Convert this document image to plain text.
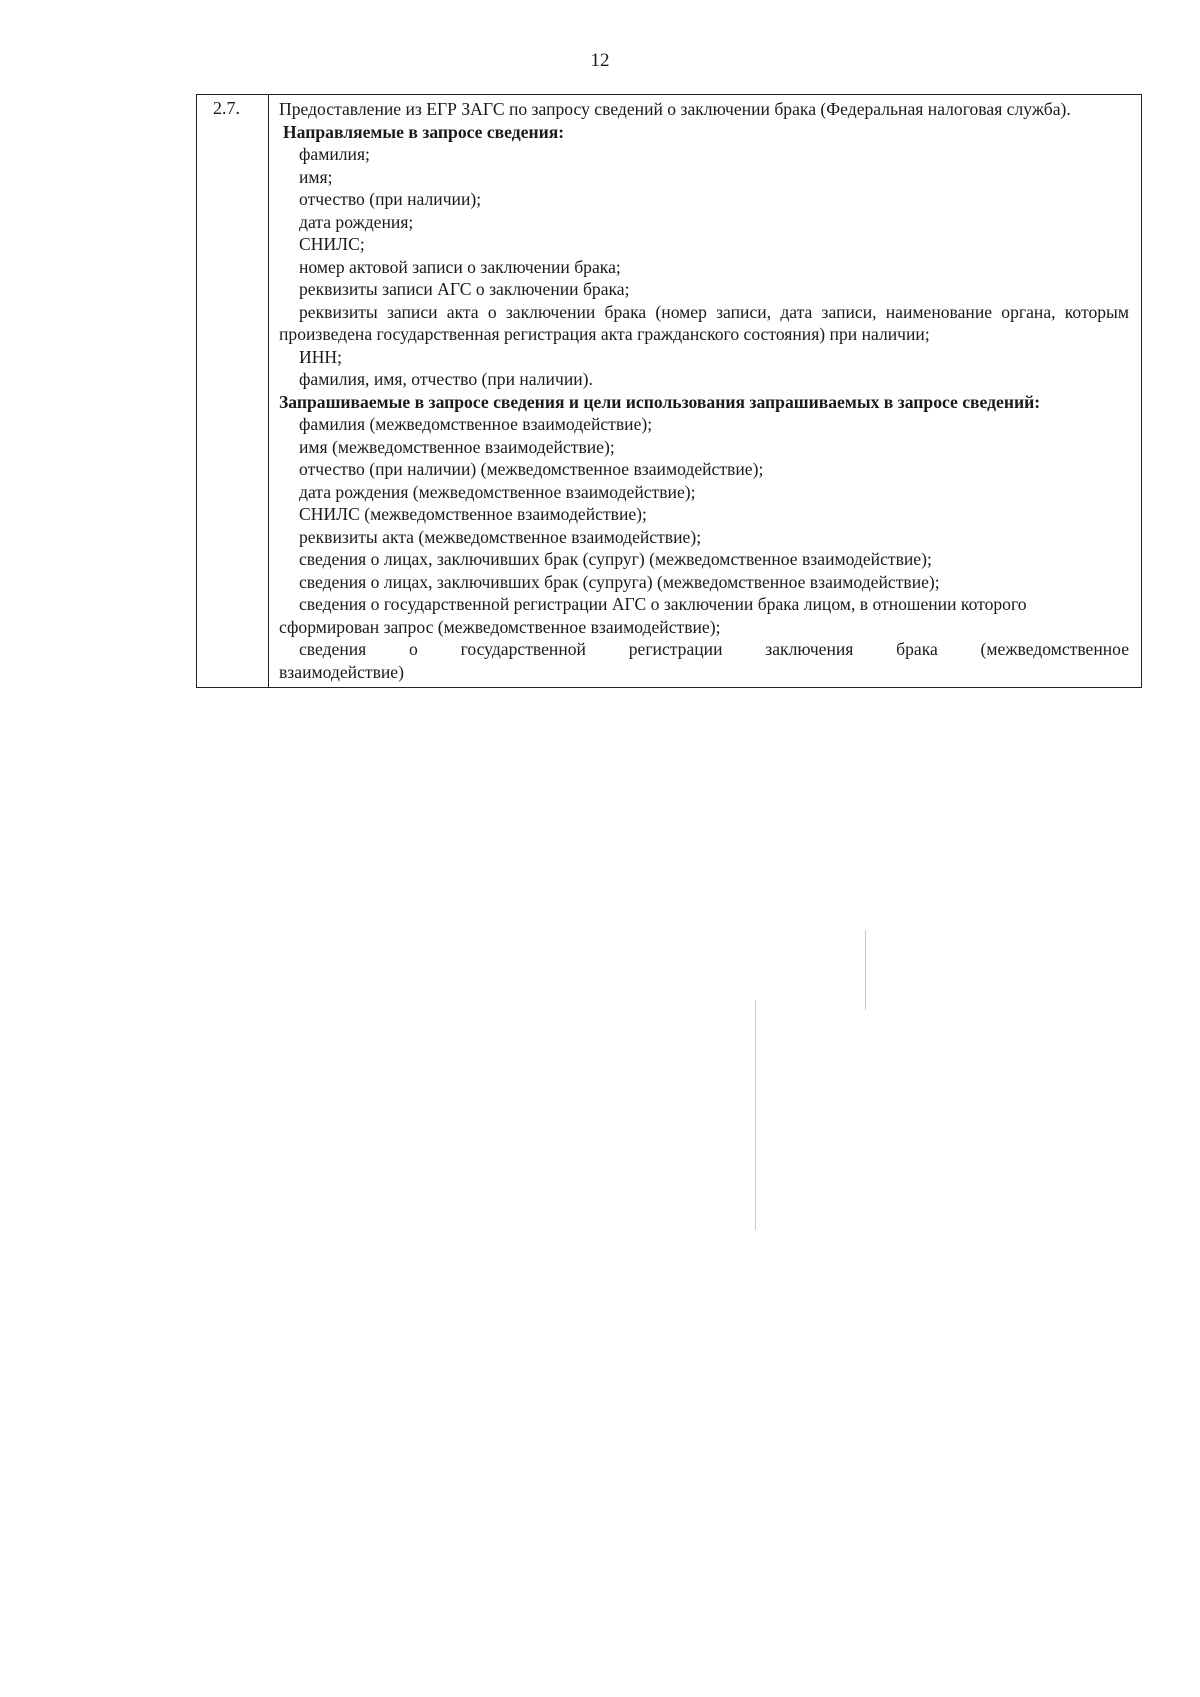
12
2.7.	Предоставление из ЕГР ЗАГС по запросу сведений о заключении брака (Федеральная налоговая служба).

Направляемые в запросе сведения:

фамилия;

имя;

отчество (при наличии);

дата рождения;

СНИЛС;

номер актовой записи о заключении брака;

реквизиты записи АГС о заключении брака;

реквизиты записи акта о заключении брака (номер записи, дата записи, наименование органа, которым произведена государственная регистрация акта гражданского состояния) при наличии;

ИНН;

фамилия, имя, отчество (при наличии).

Запрашиваемые в запросе сведения и цели использования запрашиваемых в запросе сведений:

фамилия (межведомственное взаимодействие);

имя (межведомственное взаимодействие);

отчество (при наличии) (межведомственное взаимодействие);

дата рождения (межведомственное взаимодействие);

СНИЛС (межведомственное взаимодействие);

реквизиты акта (межведомственное взаимодействие);

сведения о лицах, заключивших брак (супруг) (межведомственное взаимодействие);

сведения о лицах, заключивших брак (супруга) (межведомственное взаимодействие);

сведения о государственной регистрации АГС о заключении брака лицом, в отношении которого сформирован запрос (межведомственное взаимодействие);

сведения о государственной регистрации заключения брака (межведомственное

взаимодействие)
